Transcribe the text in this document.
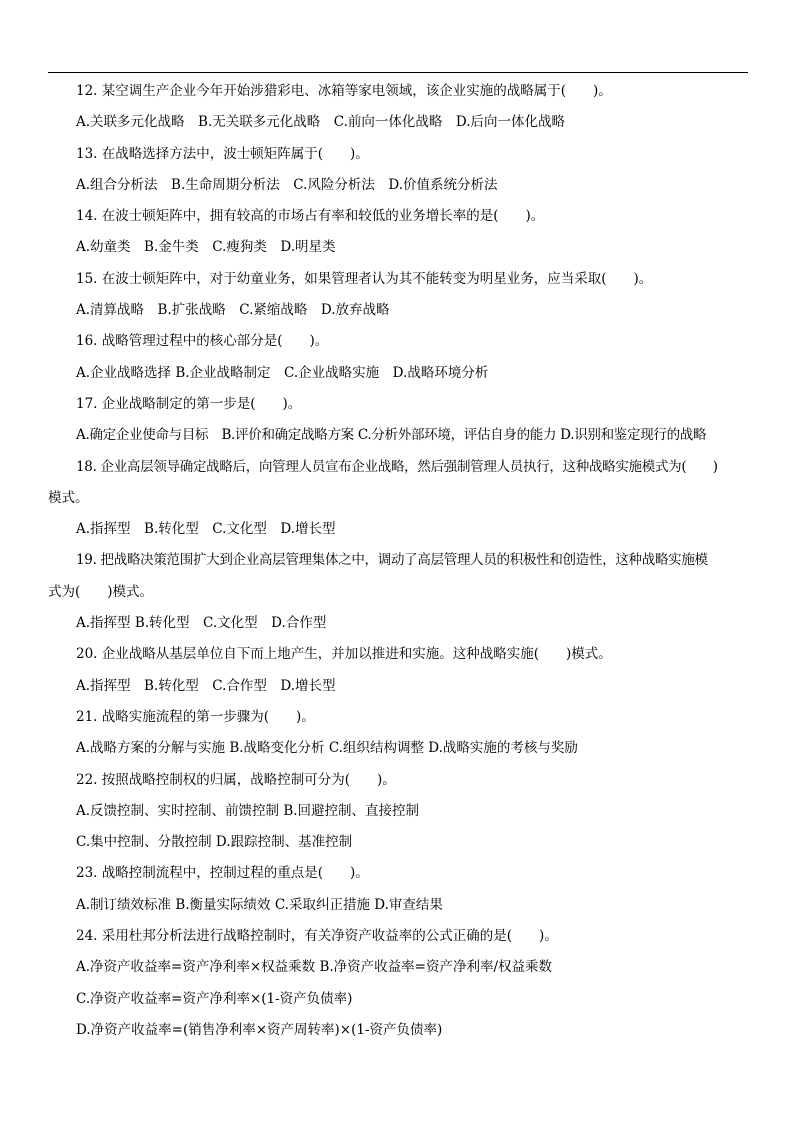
12. 某空调生产企业今年开始涉猎彩电、冰箱等家电领域，该企业实施的战略属于(　　)。
A.关联多元化战略　B.无关联多元化战略　C.前向一体化战略　D.后向一体化战略
13. 在战略选择方法中，波士顿矩阵属于(　　)。
A.组合分析法　B.生命周期分析法　C.风险分析法　D.价值系统分析法
14. 在波士顿矩阵中，拥有较高的市场占有率和较低的业务增长率的是(　　)。
A.幼童类　B.金牛类　C.瘦狗类　D.明星类
15. 在波士顿矩阵中，对于幼童业务，如果管理者认为其不能转变为明星业务，应当采取(　　)。
A.清算战略　B.扩张战略　C.紧缩战略　D.放弃战略
16. 战略管理过程中的核心部分是(　　)。
A.企业战略选择 B.企业战略制定　C.企业战略实施　D.战略环境分析
17. 企业战略制定的第一步是(　　)。
A.确定企业使命与目标　B.评价和确定战略方案 C.分析外部环境，评估自身的能力 D.识别和鉴定现行的战略
18. 企业高层领导确定战略后，向管理人员宣布企业战略，然后强制管理人员执行，这种战略实施模式为(　　)
模式。
A.指挥型　B.转化型　C.文化型　D.增长型
19. 把战略决策范围扩大到企业高层管理集体之中，调动了高层管理人员的积极性和创造性，这种战略实施模
式为(　　)模式。
A.指挥型 B.转化型　C.文化型　D.合作型
20. 企业战略从基层单位自下而上地产生，并加以推进和实施。这种战略实施(　　)模式。
A.指挥型　B.转化型　C.合作型　D.增长型
21. 战略实施流程的第一步骤为(　　)。
A.战略方案的分解与实施 B.战略变化分析 C.组织结构调整 D.战略实施的考核与奖励
22. 按照战略控制权的归属，战略控制可分为(　　)。
A.反馈控制、实时控制、前馈控制 B.回避控制、直接控制
C.集中控制、分散控制 D.跟踪控制、基准控制
23. 战略控制流程中，控制过程的重点是(　　)。
A.制订绩效标准 B.衡量实际绩效 C.采取纠正措施 D.审查结果
24. 采用杜邦分析法进行战略控制时，有关净资产收益率的公式正确的是(　　)。
A.净资产收益率=资产净利率×权益乘数 B.净资产收益率=资产净利率/权益乘数
C.净资产收益率=资产净利率×(1-资产负债率)
D.净资产收益率=(销售净利率×资产周转率)×(1-资产负债率)
